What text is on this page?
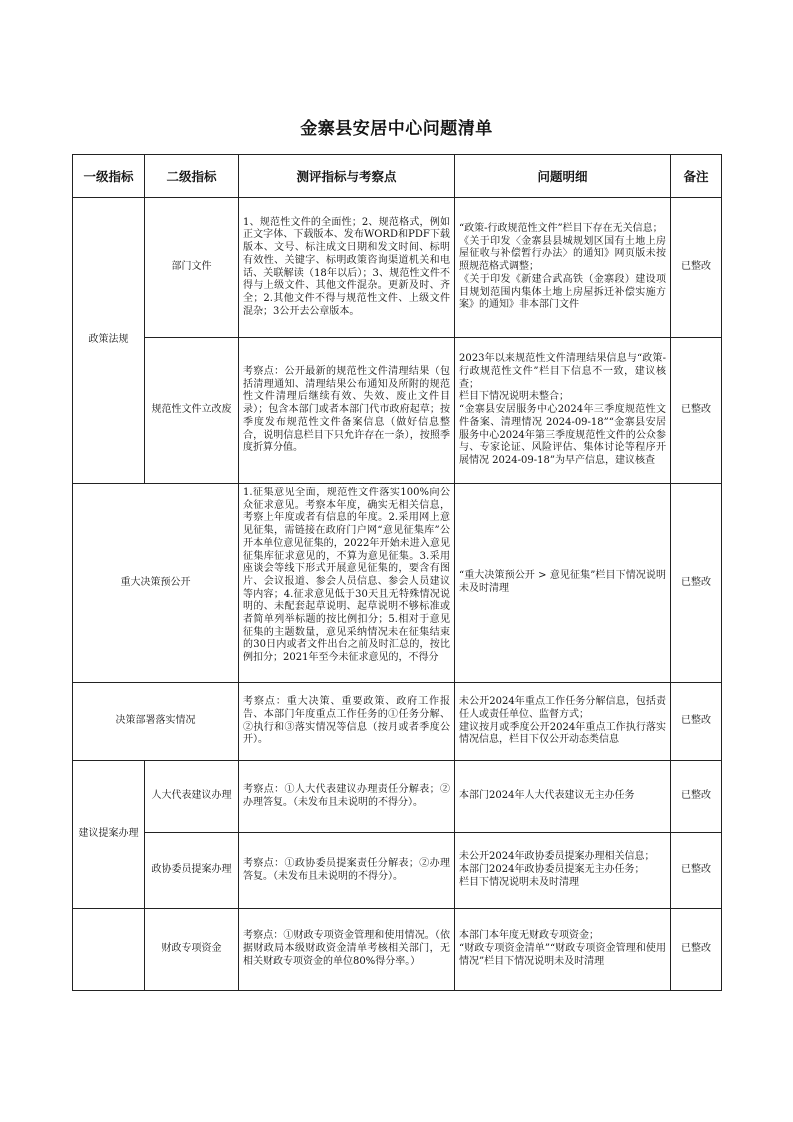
金寨县安居中心问题清单
一级指标	二级指标	测评指标与考察点	问题明细	备注
政策法规	部门文件	1、规范性文件的全面性；2、规范格式，例如正文字体、下载版本、发布WORD和PDF下载版本、文号、标注成文日期和发文时间、标明有效性、关键字、标明政策咨询渠道机关和电话、关联解读（18年以后）；3、规范性文件不得与上级文件、其他文件混杂。更新及时、齐全；2.其他文件不得与规范性文件、上级文件混杂；3公开去公章版本。	“政策-行政规范性文件”栏目下存在无关信息；
《关于印发〈金寨县县城规划区国有土地上房屋征收与补偿暂行办法〉的通知》网页版未按照规范格式调整；
《关于印发《新建合武高铁（金寨段）建设项目规划范围内集体土地上房屋拆迁补偿实施方案》的通知》非本部门文件	已整改
	规范性文件立改废	考察点：公开最新的规范性文件清理结果（包括清理通知、清理结果公布通知及所附的规范性文件清理后继续有效、失效、废止文件目录）；包含本部门或者本部门代市政府起草；按季度发布规范性文件备案信息（做好信息整合，说明信息栏目下只允许存在一条），按照季度折算分值。	2023年以来规范性文件清理结果信息与“政策-行政规范性文件”栏目下信息不一致，建议核查；
栏目下情况说明未整合；
“金寨县安居服务中心2024年三季度规范性文件备案、清理情况 2024-09-18”“金寨县安居服务中心2024年第三季度规范性文件的公众参与、专家论证、风险评估、集体讨论等程序开展情况 2024-09-18”为早产信息，建议核查	已整改
重大决策预公开		1.征集意见全面，规范性文件落实100%向公众征求意见。考察本年度，确实无相关信息，考察上年度或者有信息的年度。2.采用网上意见征集，需链接在政府门户网“意见征集库”公开本单位意见征集的，2022年开始未进入意见征集库征求意见的，不算为意见征集。3.采用座谈会等线下形式开展意见征集的，要含有图片、会议报道、参会人员信息、参会人员建议等内容；4.征求意见低于30天且无特殊情况说明的、未配套起草说明、起草说明不够标准或者简单列举标题的按比例扣分；5.相对于意见征集的主题数量，意见采纳情况未在征集结束的30日内或者文件出台之前及时汇总的，按比例扣分；2021年至今未征求意见的，不得分	“重大决策预公开 > 意见征集”栏目下情况说明未及时清理	已整改
决策部署落实情况		考察点：重大决策、重要政策、政府工作报告、本部门年度重点工作任务的①任务分解、②执行和③落实情况等信息（按月或者季度公开）。	未公开2024年重点工作任务分解信息，包括责任人或责任单位、监督方式；
建议按月或季度公开2024年重点工作执行落实情况信息，栏目下仅公开动态类信息	已整改
建议提案办理	人大代表建议办理	考察点：①人大代表建议办理责任分解表；②办理答复。（未发布且未说明的不得分）。	本部门2024年人大代表建议无主办任务	已整改
	政协委员提案办理	考察点：①政协委员提案责任分解表；②办理答复。（未发布且未说明的不得分）。	未公开2024年政协委员提案办理相关信息；
本部门2024年政协委员提案无主办任务；
栏目下情况说明未及时清理	已整改
	财政专项资金	考察点：①财政专项资金管理和使用情况。（依据财政局本级财政资金清单考核相关部门，无相关财政专项资金的单位80%得分率。）	本部门本年度无财政专项资金；
“财政专项资金清单”“财政专项资金管理和使用情况”栏目下情况说明未及时清理	已整改
